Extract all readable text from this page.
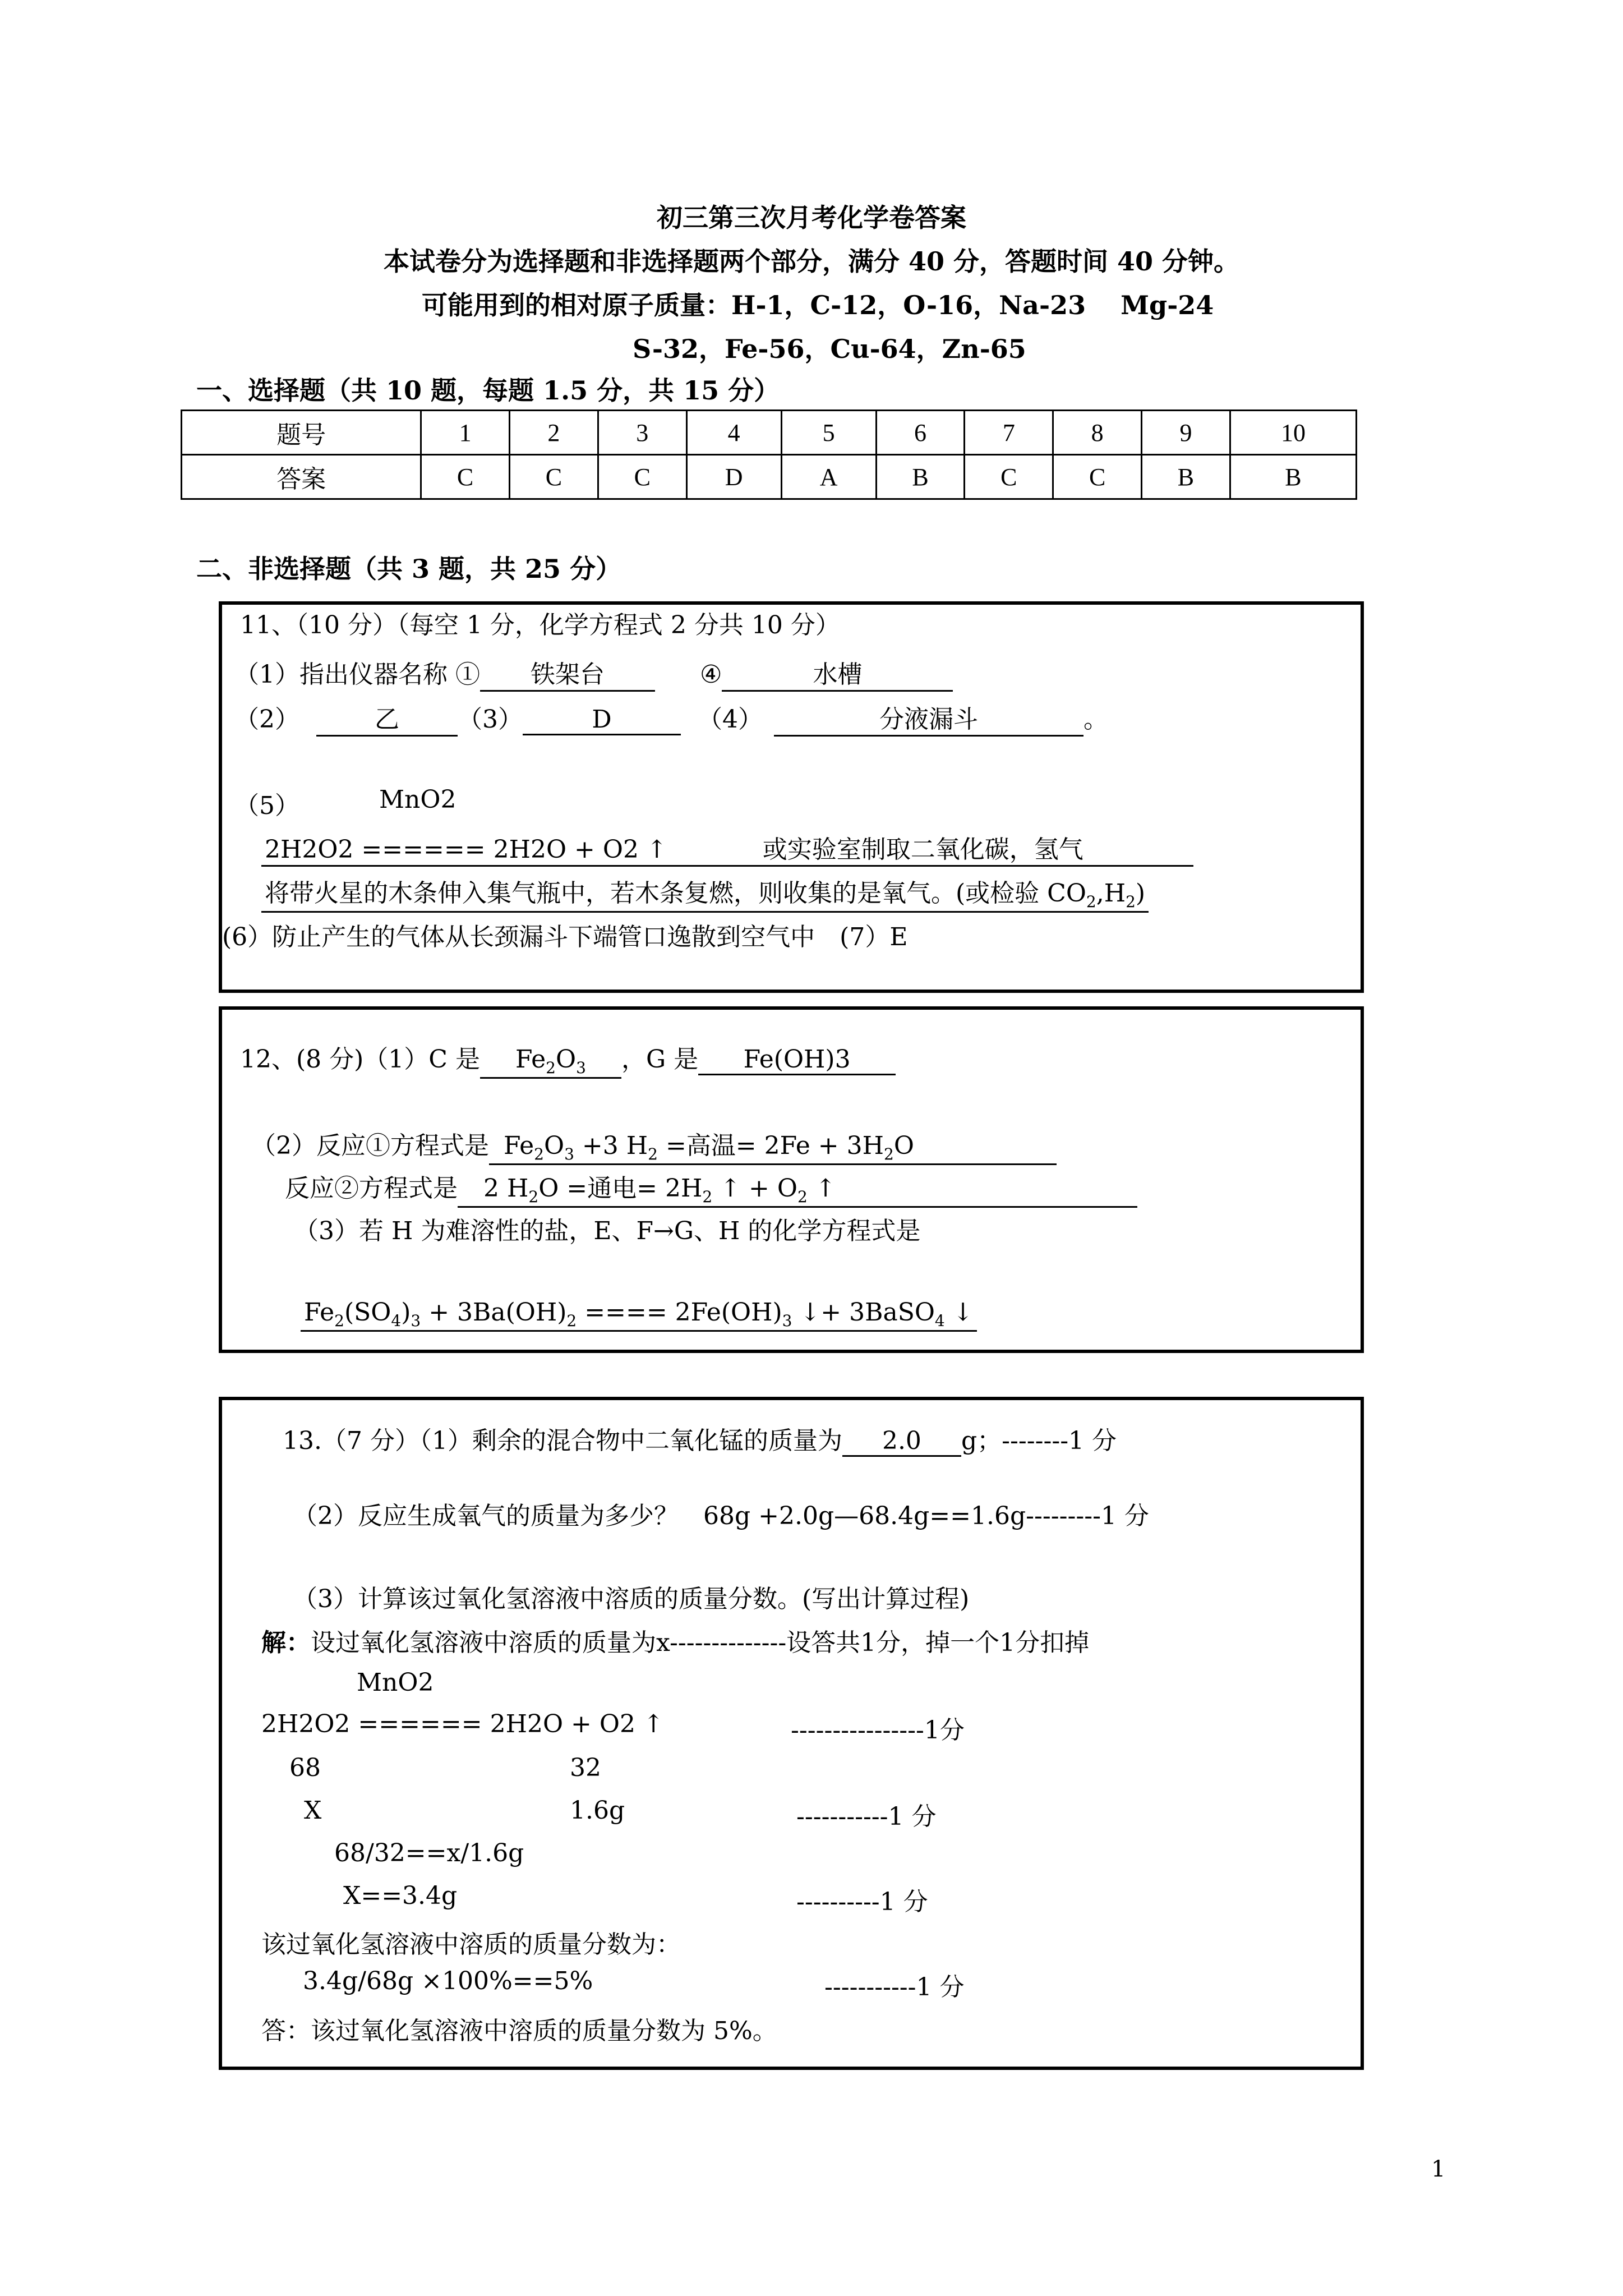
初三第三次月考化学卷答案
本试卷分为选择题和非选择题两个部分，满分 40 分，答题时间 40 分钟。
可能用到的相对原子质量：H-1，C-12，O-16，Na-23　 Mg-24
S-32，Fe-56，Cu-64，Zn-65
一、选择题（共 10 题，每题 1.5 分，共 15 分）
题号	1	2	3	4	5	6	7	8	9	10
答案	C	C	C	D	A	B	C	C	B	B
二、非选择题（共 3 题，共 25 分）
11、（10 分）（每空 1 分，化学方程式 2 分共 10 分）
（1）指出仪器名称 ① 铁架台	④	水槽
（2）	乙 （3）	D	（4）	分液漏斗	。
（5）	MnO2
2H2O2 ====== 2H2O + O2 ↑	或实验室制取二氧化碳，氢气
将带火星的木条伸入集气瓶中，若木条复燃，则收集的是氧气。(或检验 $CO_2,H_2$)
(6）防止产生的气体从长颈漏斗下端管口逸散到空气中　(7）E
12、(8 分)（1）C 是 $Fe_2O_3$ ，G 是 Fe(OH)3
（2）反应①方程式是 $Fe_2O_3 +3$ $H_2$ =高温= $2Fe + 3H_2O$
反应②方程式是 2 $H_2O$ =通电= $2H_2$ ↑ + $O_2$ ↑
（3）若 H 为难溶性的盐，E、F→G、H 的化学方程式是
$Fe_2(SO_4)_3 + 3Ba(OH)_2$ ==== $2Fe(OH)_3$ ↓+ 3BaSO$_4$ ↓
13.（7 分）（1）剩余的混合物中二氧化锰的质量为 2.0 g；--------1 分
（2）反应生成氧气的质量为多少？　68g +2.0g—68.4g==1.6g---------1 分
（3）计算该过氧化氢溶液中溶质的质量分数。(写出计算过程)
解：设过氧化氢溶液中溶质的质量为x--------------设答共1分，掉一个1分扣掉
MnO2
2H2O2 ====== 2H2O + O2 ↑	----------------1分
68	32
X	1.6g	-----------1 分
68/32==x/1.6g
X==3.4g	----------1 分
该过氧化氢溶液中溶质的质量分数为：
3.4g/68g ×100%==5%	-----------1 分
答：该过氧化氢溶液中溶质的质量分数为 5%。
1
